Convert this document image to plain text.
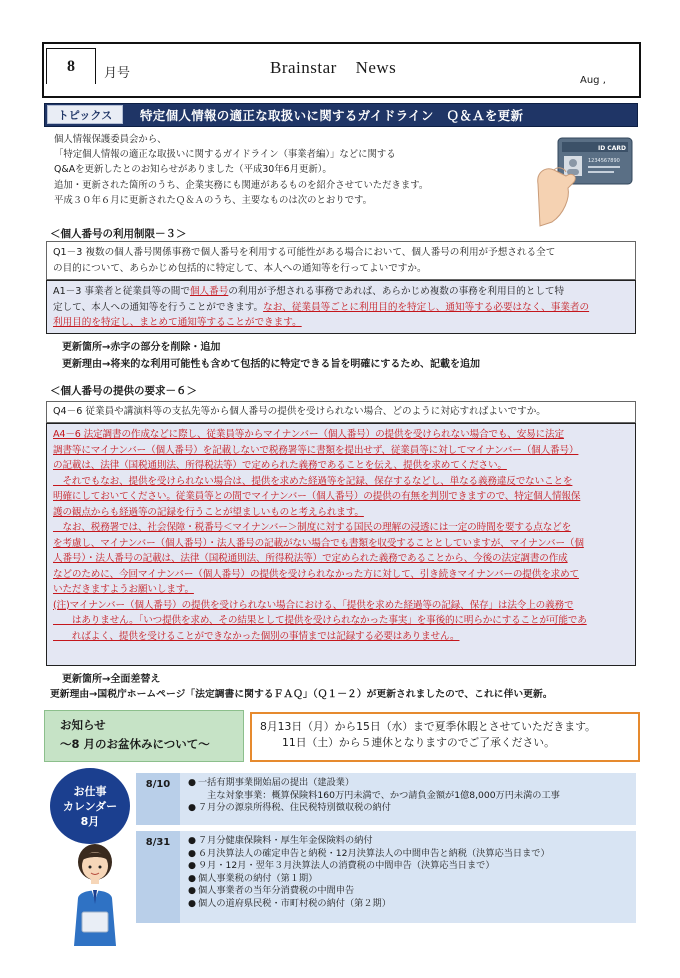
8 月号	Brainstar News
Aug ,
トピックス	特定個人情報の適正な取扱いに関するガイドライン　Ｑ＆Ａを更新

個人情報保護委員会から、

「特定個人情報の適正な取扱いに関するガイドライン（事業者編）」などに関する

Q&Aを更新したとのお知らせがありました（平成30年6月更新）。

追加・更新された箇所のうち、企業実務にも関連があるものを紹介させていただきます。

平成３０年６月に更新されたＱ＆Ａのうち、主要なものは次のとおりです。

ID CARD
1234567890
＜個人番号の利用制限－３＞
Q1－3 複数の個人番号関係事務で個人番号を利用する可能性がある場合において、個人番号の利用が予想される全て
の目的について、あらかじめ包括的に特定して、本人への通知等を行ってよいですか。
A1－3 事業者と従業員等の間で個人番号の利用が予想される事務であれば、あらかじめ複数の事務を利用目的として特
定して、本人への通知等を行うことができます。なお、従業員等ごとに利用目的を特定し、通知等する必要はなく、事業者の
利用目的を特定し、まとめて通知等することができます。
更新箇所→赤字の部分を削除・追加
更新理由→将来的な利用可能性も含めて包括的に特定できる旨を明確にするため、記載を追加
＜個人番号の提供の要求－６＞
Q4－6 従業員や講演料等の支払先等から個人番号の提供を受けられない場合、どのように対応すればよいですか。
A4－6 法定調書の作成などに際し、従業員等からマイナンバー（個人番号）の提供を受けられない場合でも、安易に法定
調書等にマイナンバー（個人番号）を記載しないで税務署等に書類を提出せず、従業員等に対してマイナンバー（個人番号）
の記載は、法律（国税通則法、所得税法等）で定められた義務であることを伝え、提供を求めてください。
　それでもなお、提供を受けられない場合は、提供を求めた経過等を記録、保存するなどし、単なる義務違反でないことを
明確にしておいてください。従業員等との間でマイナンバー（個人番号）の提供の有無を判別できますので、特定個人情報保
護の観点からも経過等の記録を行うことが望ましいものと考えられます。
　なお、税務署では、社会保障・税番号＜マイナンバー＞制度に対する国民の理解の浸透には一定の時間を要する点などを
を考慮し、マイナンバー（個人番号）・法人番号の記載がない場合でも書類を収受することとしていますが、マイナンバー（個
人番号）・法人番号の記載は、法律（国税通則法、所得税法等）で定められた義務であることから、今後の法定調書の作成
などのために、今回マイナンバー（個人番号）の提供を受けられなかった方に対して、引き続きマイナンバーの提供を求めて
いただきますようお願いします。
(注)マイナンバー（個人番号）の提供を受けられない場合における、「提供を求めた経過等の記録、保存」は法令上の義務で
　　はありません。「いつ提供を求め、その結果として提供を受けられなかった事実」を事後的に明らかにすることが可能であ
　　ればよく、提供を受けることができなかった個別の事情までは記録する必要はありません。
更新箇所→全面差替え
更新理由→国税庁ホームページ「法定調書に関するＦＡＱ」（Ｑ１－２）が更新されましたので、これに伴い更新。
お知らせ
～8 月のお盆休みについて～
8月13日（月）から15日（水）まで夏季休暇とさせていただきます。
11日（土）から５連休となりますのでご了承ください。
お仕事
カレンダー
8月
8/10	● 一括有期事業開始届の提出（建設業）
　主な対象事業：概算保険料160万円未満で、かつ請負金額が1億8,000万円未満の工事
● ７月分の源泉所得税、住民税特別徴収税の納付
8/31	● ７月分健康保険料・厚生年金保険料の納付
● ６月決算法人の確定申告と納税・12月決算法人の中間申告と納税（決算応当日まで）
● ９月・12月・翌年３月決算法人の消費税の中間申告（決算応当日まで）
● 個人事業税の納付（第１期）
● 個人事業者の当年分消費税の中間申告
● 個人の道府県民税・市町村税の納付（第２期）
